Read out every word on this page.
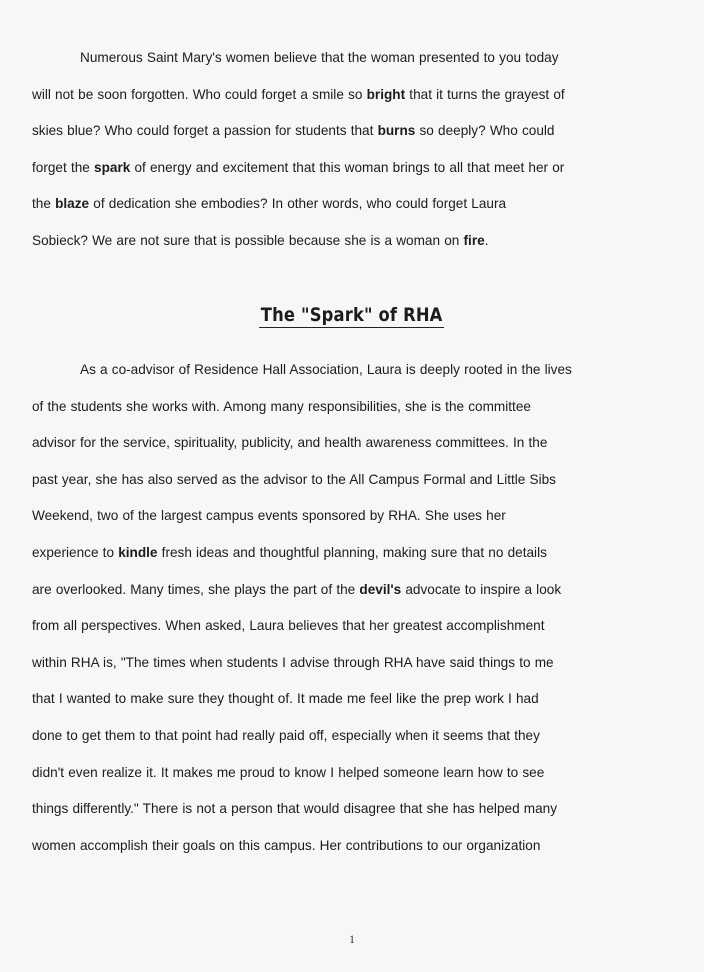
Numerous Saint Mary's women believe that the woman presented to you today
will not be soon forgotten. Who could forget a smile so bright that it turns the grayest of
skies blue? Who could forget a passion for students that burns so deeply? Who could
forget the spark of energy and excitement that this woman brings to all that meet her or
the blaze of dedication she embodies? In other words, who could forget Laura
Sobieck? We are not sure that is possible because she is a woman on fire.

The "Spark" of RHA

As a co-advisor of Residence Hall Association, Laura is deeply rooted in the lives
of the students she works with. Among many responsibilities, she is the committee
advisor for the service, spirituality, publicity, and health awareness committees. In the
past year, she has also served as the advisor to the All Campus Formal and Little Sibs
Weekend, two of the largest campus events sponsored by RHA. She uses her
experience to kindle fresh ideas and thoughtful planning, making sure that no details
are overlooked. Many times, she plays the part of the devil's advocate to inspire a look
from all perspectives. When asked, Laura believes that her greatest accomplishment
within RHA is, "The times when students I advise through RHA have said things to me
that I wanted to make sure they thought of. It made me feel like the prep work I had
done to get them to that point had really paid off, especially when it seems that they
didn't even realize it. It makes me proud to know I helped someone learn how to see
things differently." There is not a person that would disagree that she has helped many
women accomplish their goals on this campus. Her contributions to our organization

1
